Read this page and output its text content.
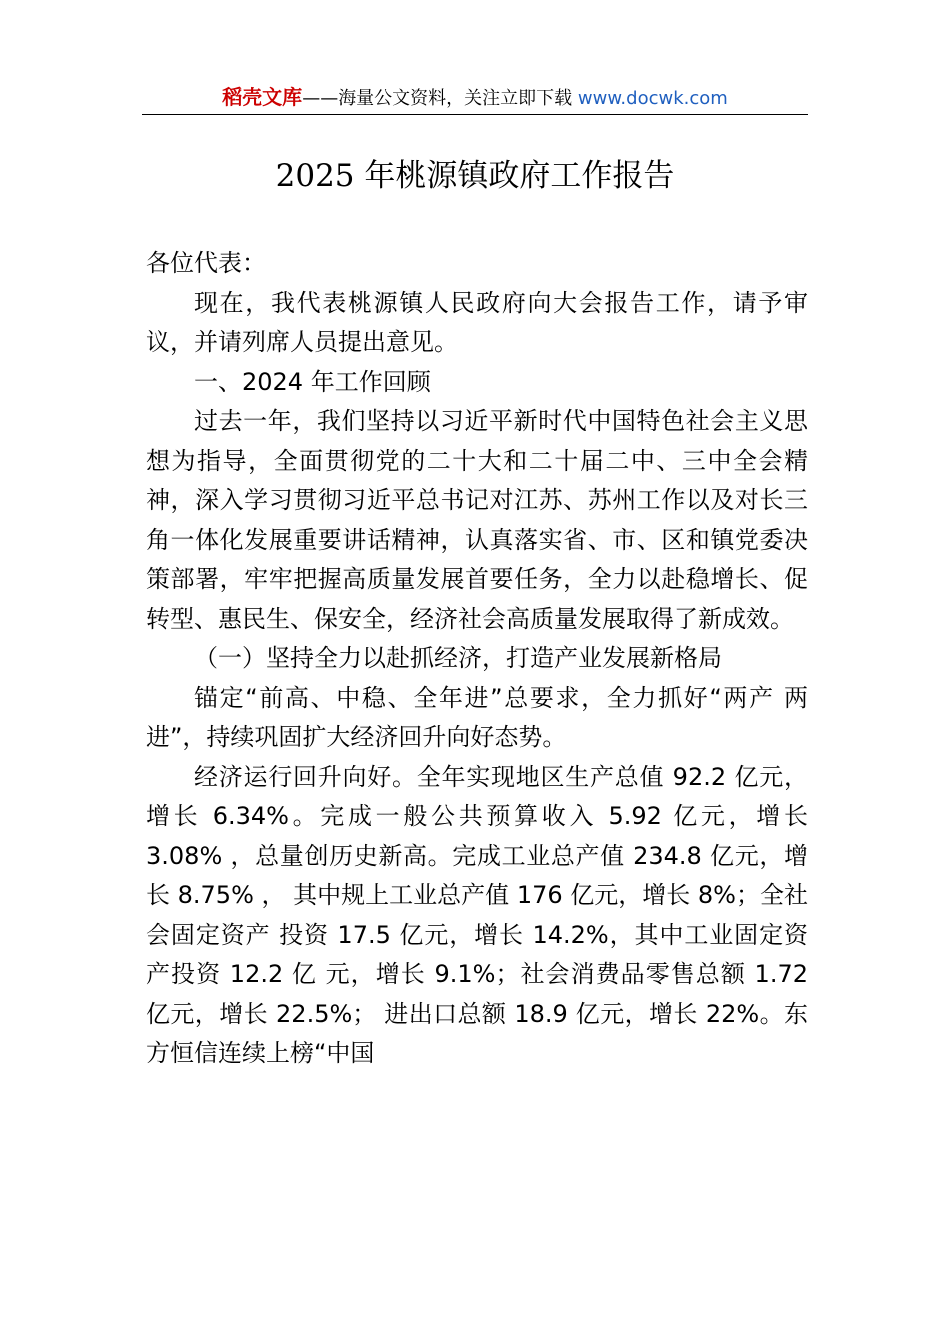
稻壳文库——海量公文资料，关注立即下载 www.docwk.com
2025 年桃源镇政府工作报告

各位代表：

现在，我代表桃源镇人民政府向大会报告工作，请予审议，并请列席人员提出意见。

一、2024 年工作回顾

过去一年，我们坚持以习近平新时代中国特色社会主义思想为指导，全面贯彻党的二十大和二十届二中、三中全会精神，深入学习贯彻习近平总书记对江苏、苏州工作以及对长三角一体化发展重要讲话精神，认真落实省、市、区和镇党委决策部署，牢牢把握高质量发展首要任务，全力以赴稳增长、促转型、惠民生、保安全，经济社会高质量发展取得了新成效。

（一）坚持全力以赴抓经济，打造产业发展新格局

锚定“前高、中稳、全年进”总要求，全力抓好“两产 两进”，持续巩固扩大经济回升向好态势。

经济运行回升向好。全年实现地区生产总值 92.2 亿元，增长 6.34%。完成一般公共预算收入 5.92 亿元，增长 3.08% ，总量创历史新高。完成工业总产值 234.8 亿元，增长 8.75% ， 其中规上工业总产值 176 亿元，增长 8%；全社会固定资产 投资 17.5 亿元，增长 14.2%，其中工业固定资产投资 12.2 亿 元，增长 9.1%；社会消费品零售总额 1.72 亿元，增长 22.5%； 进出口总额 18.9 亿元，增长 22%。东方恒信连续上榜“中国
